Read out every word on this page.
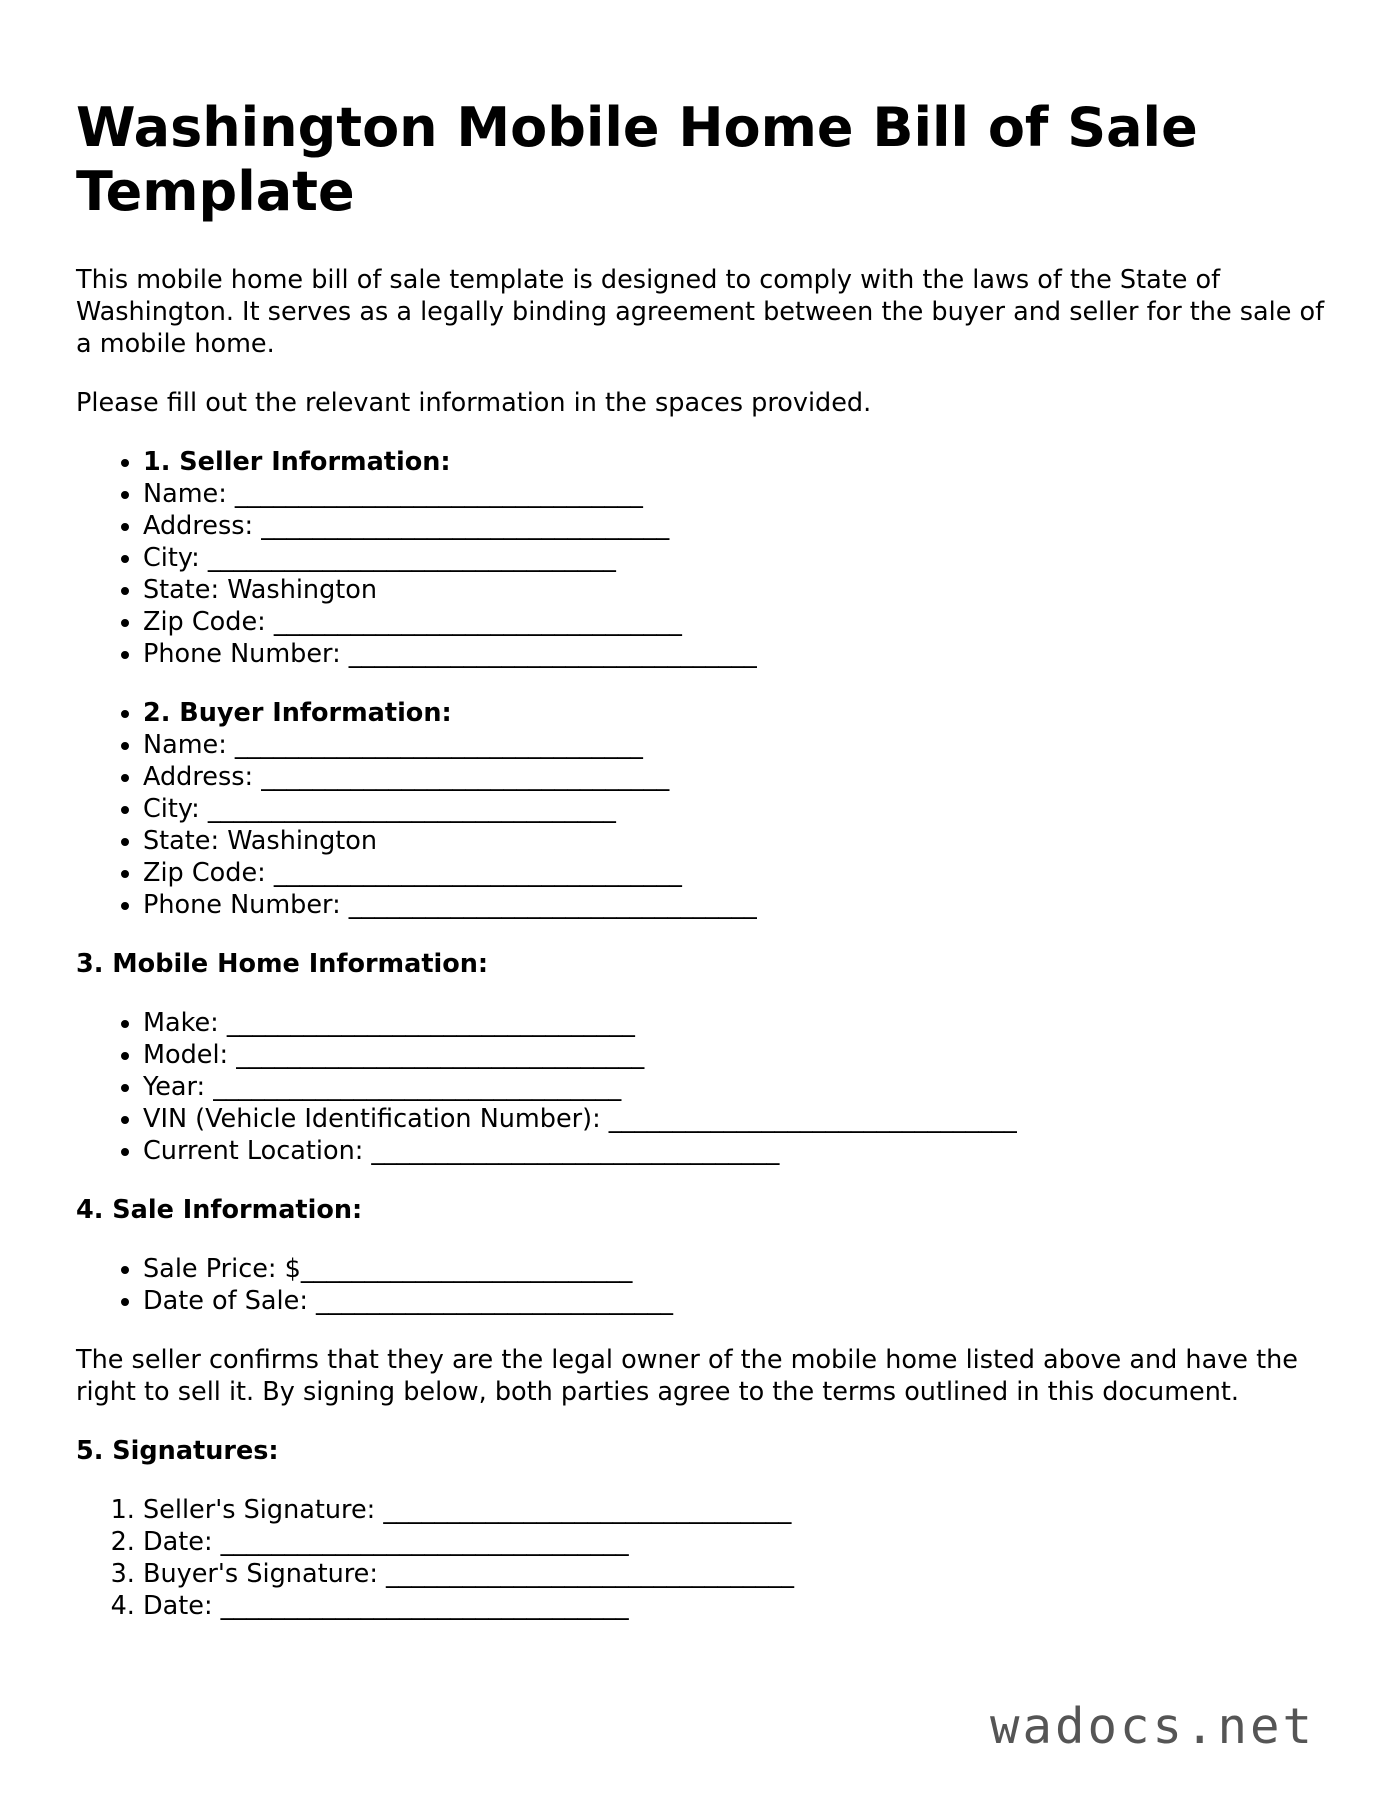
Washington Mobile Home Bill of Sale Template

This mobile home bill of sale template is designed to comply with the laws of the State of Washington. It serves as a legally binding agreement between the buyer and seller for the sale of a mobile home.

Please fill out the relevant information in the spaces provided.

• 1. Seller Information:
• Name: ________________________________
• Address: ________________________________
• City: ________________________________
• State: Washington
• Zip Code: ________________________________
• Phone Number: ________________________________
• 2. Buyer Information:
• Name: ________________________________
• Address: ________________________________
• City: ________________________________
• State: Washington
• Zip Code: ________________________________
• Phone Number: ________________________________
3. Mobile Home Information:
• Make: ________________________________
• Model: ________________________________
• Year: ________________________________
• VIN (Vehicle Identification Number): ________________________________
• Current Location: ________________________________
4. Sale Information:
• Sale Price: $__________________________
• Date of Sale: ____________________________

The seller confirms that they are the legal owner of the mobile home listed above and have the right to sell it. By signing below, both parties agree to the terms outlined in this document.

5. Signatures:
1. Seller's Signature: ________________________________
2. Date: ________________________________
3. Buyer's Signature: ________________________________
4. Date: ________________________________
wadocs.net
